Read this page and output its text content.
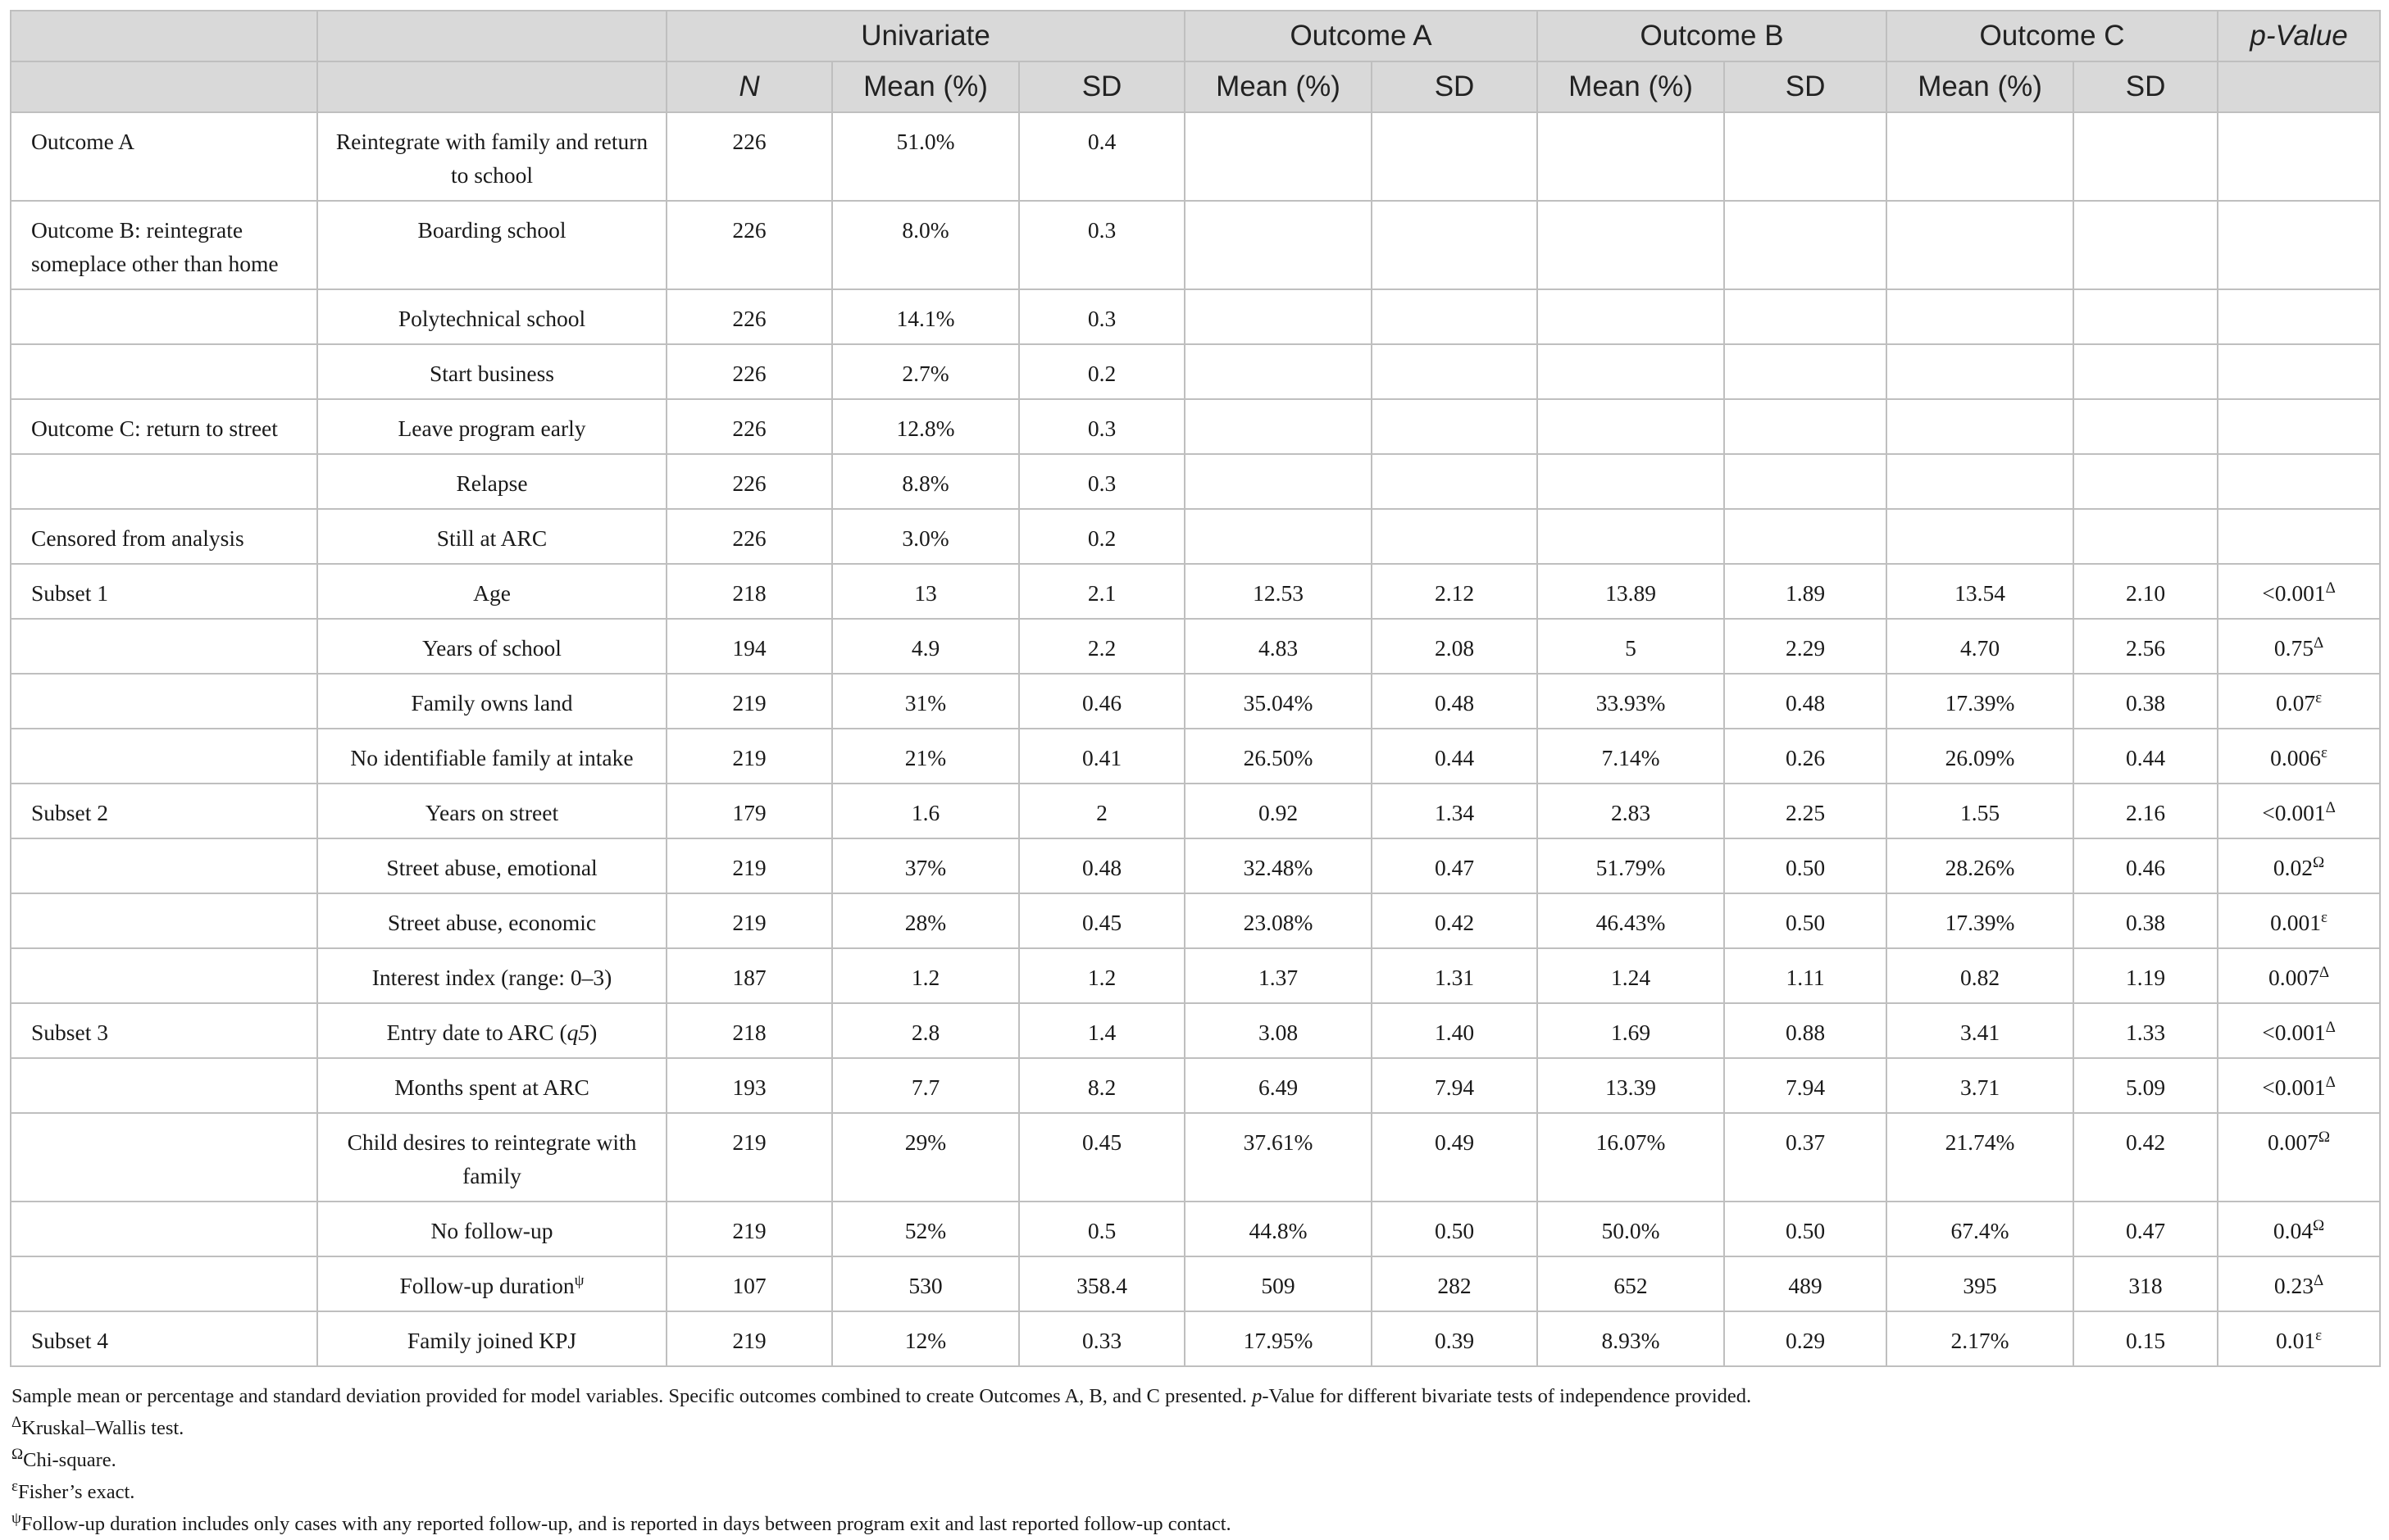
		Univariate			Outcome A		Outcome B		Outcome C		p-Value
		N	Mean (%)	SD	Mean (%)	SD	Mean (%)	SD	Mean (%)	SD	
Outcome A	Reintegrate with family and return to school	226	51.0%	0.4							
Outcome B: reintegrate someplace other than home	Boarding school	226	8.0%	0.3							
	Polytechnical school	226	14.1%	0.3							
	Start business	226	2.7%	0.2							
Outcome C: return to street	Leave program early	226	12.8%	0.3							
	Relapse	226	8.8%	0.3							
Censored from analysis	Still at ARC	226	3.0%	0.2							
Subset 1	Age	218	13	2.1	12.53	2.12	13.89	1.89	13.54	2.10	$<0.001^\Delta$
	Years of school	194	4.9	2.2	4.83	2.08	5	2.29	4.70	2.56	$0.75^\Delta$
	Family owns land	219	31%	0.46	35.04%	0.48	33.93%	0.48	17.39%	0.38	$0.07^\varepsilon$
	No identifiable family at intake	219	21%	0.41	26.50%	0.44	7.14%	0.26	26.09%	0.44	$0.006^\varepsilon$
Subset 2	Years on street	179	1.6	2	0.92	1.34	2.83	2.25	1.55	2.16	$<0.001^\Delta$
	Street abuse, emotional	219	37%	0.48	32.48%	0.47	51.79%	0.50	28.26%	0.46	$0.02^\Omega$
	Street abuse, economic	219	28%	0.45	23.08%	0.42	46.43%	0.50	17.39%	0.38	$0.001^\varepsilon$
	Interest index (range: 0–3)	187	1.2	1.2	1.37	1.31	1.24	1.11	0.82	1.19	$0.007^\Delta$
Subset 3	Entry date to ARC (q5)	218	2.8	1.4	3.08	1.40	1.69	0.88	3.41	1.33	$<0.001^\Delta$
	Months spent at ARC	193	7.7	8.2	6.49	7.94	13.39	7.94	3.71	5.09	$<0.001^\Delta$
	Child desires to reintegrate with family	219	29%	0.45	37.61%	0.49	16.07%	0.37	21.74%	0.42	$0.007^\Omega$
	No follow-up	219	52%	0.5	44.8%	0.50	50.0%	0.50	67.4%	0.47	$0.04^\Omega$
	Follow-up duration$^\psi$	107	530	358.4	509	282	652	489	395	318	$0.23^\Delta$
Subset 4	Family joined KPJ	219	12%	0.33	17.95%	0.39	8.93%	0.29	2.17%	0.15	$0.01^\varepsilon$
Sample mean or percentage and standard deviation provided for model variables. Specific outcomes combined to create Outcomes A, B, and C presented. p-Value for different bivariate tests of independence provided.
$^\Delta$Kruskal–Wallis test.
$^\Omega$Chi-square.
$^\varepsilon$Fisher’s exact.
$^\psi$Follow-up duration includes only cases with any reported follow-up, and is reported in days between program exit and last reported follow-up contact.
